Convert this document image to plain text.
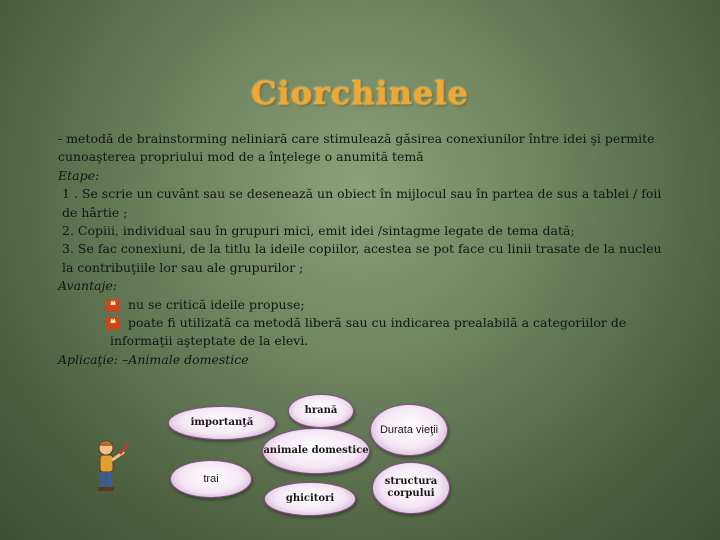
Ciorchinele

- metodă de brainstorming neliniară care stimulează găsirea conexiunilor între idei şi permite cunoaşterea propriului mod de a înţelege o anumită temă

Etape:

1 . Se scrie un cuvânt sau se desenează un obiect în mijlocul sau în partea de sus a tablei / foii de hârtie ;

2. Copiii, individual sau în grupuri mici, emit idei /sintagme legate de tema dată;

3. Se fac conexiuni, de la titlu la ideile copiilor, acestea se pot face cu linii trasate de la nucleu la contribuţiile lor sau ale grupurilor ;

Avantaje:

❝ nu se critică ideile propuse;

❝ poate fi utilizată ca metodă liberă sau cu indicarea prealabilă a categoriilor de

informaţii aşteptate de la elevi.

Aplicaţie: –Animale domestice

hrană
importanţă
Durata vieţii
animale domestice
trai	structura corpului
ghicitori
